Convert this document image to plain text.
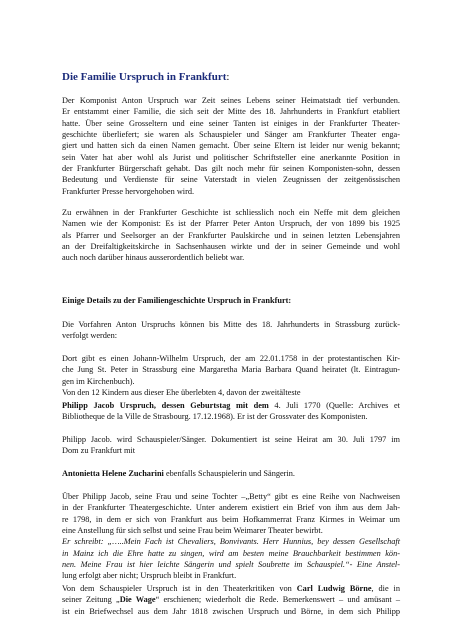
Die Familie Urspruch in Frankfurt:
Der Komponist Anton Urspruch war Zeit seines Lebens seiner Heimatstadt tief verbunden.
Er entstammt einer Familie, die sich seit der Mitte des 18. Jahrhunderts in Frankfurt etabliert
hatte. Über seine Grosseltern und eine seiner Tanten ist einiges in der Frankfurter Theater-
geschichte überliefert; sie waren als Schauspieler und Sänger am Frankfurter Theater enga-
giert und hatten sich da einen Namen gemacht. Über seine Eltern ist leider nur wenig bekannt;
sein Vater hat aber wohl als Jurist und politischer Schriftsteller eine anerkannte Position in
der Frankfurter Bürgerschaft gehabt. Das gilt noch mehr für seinen Komponisten-sohn, dessen
Bedeutung und Verdienste für seine Vaterstadt in vielen Zeugnissen der zeitgenössischen
Frankfurter Presse hervorgehoben wird.
Zu erwähnen in der Frankfurter Geschichte ist schliesslich noch ein Neffe mit dem gleichen
Namen wie der Komponist: Es ist der Pfarrer Peter Anton Urspruch, der von 1899 bis 1925
als Pfarrer und Seelsorger an der Frankfurter Paulskirche und in seinen letzten Lebensjahren
an der Dreifaltigkeitskirche in Sachsenhausen wirkte und der in seiner Gemeinde und wohl
auch noch darüber hinaus ausserordentlich beliebt war.
Einige Details zu der Familiengeschichte Urspruch in Frankfurt:
Die Vorfahren Anton Urspruchs können bis Mitte des 18. Jahrhunderts in Strassburg zurück-
verfolgt werden:
Dort gibt es einen Johann-Wilhelm Urspruch, der am 22.01.1758 in der protestantischen Kir-
che Jung St. Peter in Strassburg eine Margaretha Maria Barbara Quand heiratet (lt. Eintragun-
gen im Kirchenbuch).
Von den 12 Kindern aus dieser Ehe überlebten 4, davon der zweitälteste
Philipp Jacob Urspruch, dessen Geburtstag mit dem 4. Juli 1770 (Quelle: Archives et
Bibliotheque de la Ville de Strasbourg. 17.12.1968). Er ist der Grossvater des Komponisten.
Philipp Jacob. wird Schauspieler/Sänger. Dokumentiert ist seine Heirat am 30. Juli 1797 im
Dom zu Frankfurt mit
Antonietta Helene Zucharini ebenfalls Schauspielerin und Sängerin.
Über Philipp Jacob, seine Frau und seine Tochter –„Betty“ gibt es eine Reihe von Nachweisen
in der Frankfurter Theatergeschichte. Unter anderem existiert ein Brief von ihm aus dem Jah-
re 1798, in dem er sich von Frankfurt aus beim Hofkammerrat Franz Kirmes in Weimar um
eine Anstellung für sich selbst und seine Frau beim Weimarer Theater bewirbt.
Er schreibt: „…..Mein Fach ist Chevaliers, Bonvivants. Herr Hunnius, bey dessen Gesellschaft
in Mainz ich die Ehre hatte zu singen, wird am besten meine Brauchbarkeit bestimmen kön-
nen. Meine Frau ist hier leichte Sängerin und spielt Soubrette im Schauspiel.“- Eine Anstel-
lung erfolgt aber nicht; Urspruch bleibt in Frankfurt.
Von dem Schauspieler Urspruch ist in den Theaterkritiken von Carl Ludwig Börne, die in
seiner Zeitung „Die Wage“ erschienen; wiederholt die Rede. Bemerkenswert – und amüsant –
ist ein Briefwechsel aus dem Jahr 1818 zwischen Urspruch und Börne, in dem sich Philipp
